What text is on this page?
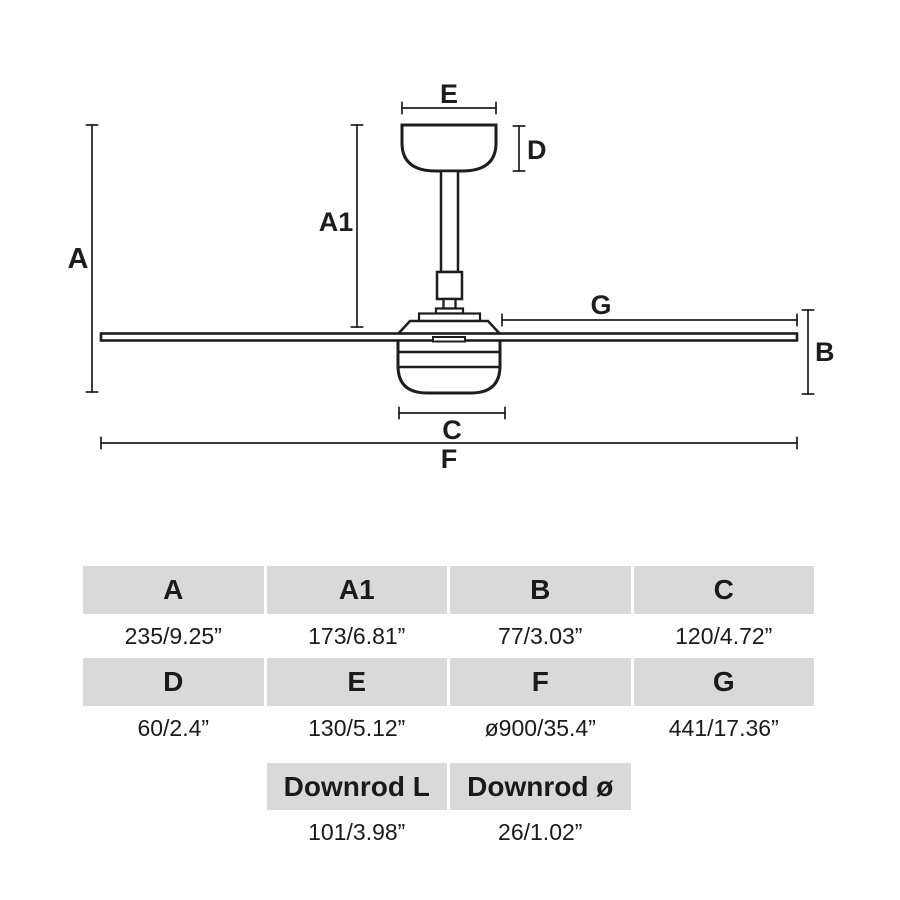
E
D
A
A1
G
B
C
F
A	A1	B	C
235/9.25”	173/6.81”	77/3.03”	120/4.72”
D	E	F	G
60/2.4”	130/5.12”	ø900/35.4”	441/17.36”
Downrod L	Downrod ø
101/3.98”	26/1.02”
